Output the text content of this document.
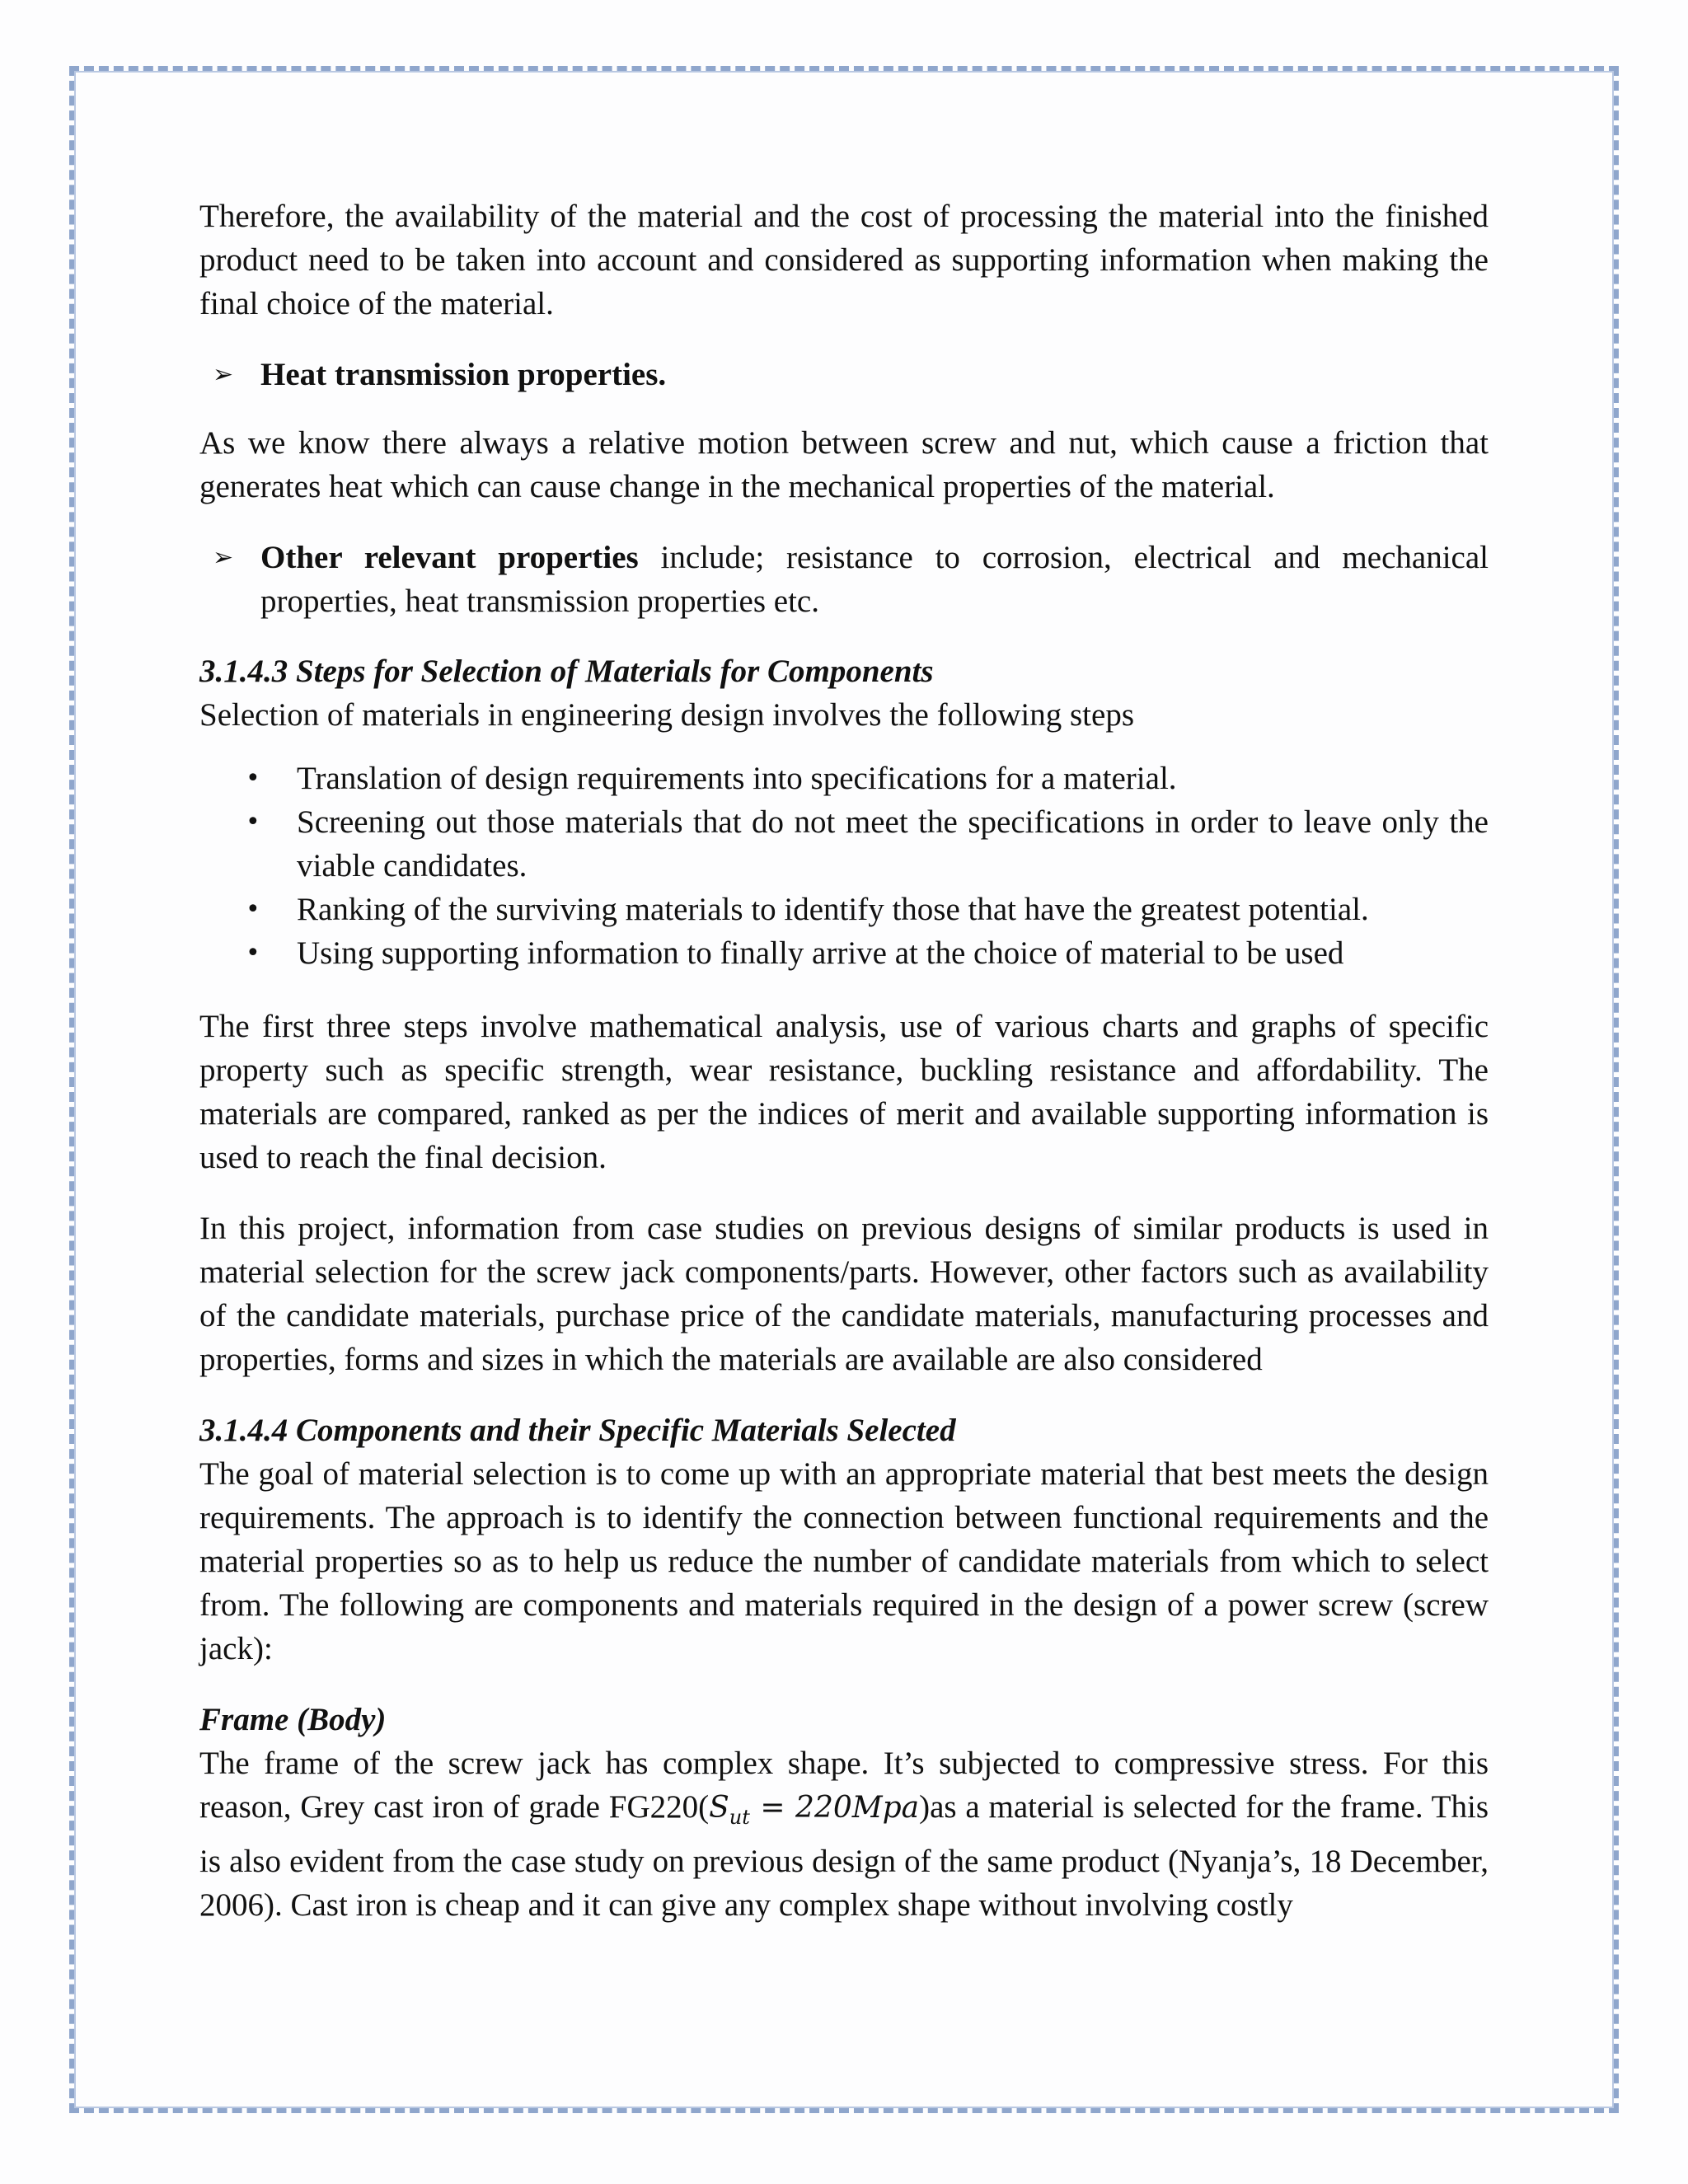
Therefore, the availability of the material and the cost of processing the material into the finished product need to be taken into account and considered as supporting information when making the final choice of the material.

➢ Heat transmission properties.

As we know there always a relative motion between screw and nut, which cause a friction that generates heat which can cause change in the mechanical properties of the material.

➢ Other relevant properties include; resistance to corrosion, electrical and mechanical properties, heat transmission properties etc.

3.1.4.3 Steps for Selection of Materials for Components

Selection of materials in engineering design involves the following steps

•	Translation of design requirements into specifications for a material.
•	Screening out those materials that do not meet the specifications in order to leave only the viable candidates.
•	Ranking of the surviving materials to identify those that have the greatest potential.
•	Using supporting information to finally arrive at the choice of material to be used

The first three steps involve mathematical analysis, use of various charts and graphs of specific property such as specific strength, wear resistance, buckling resistance and affordability. The materials are compared, ranked as per the indices of merit and available supporting information is used to reach the final decision.

In this project, information from case studies on previous designs of similar products is used in material selection for the screw jack components/parts. However, other factors such as availability of the candidate materials, purchase price of the candidate materials, manufacturing processes and properties, forms and sizes in which the materials are available are also considered

3.1.4.4 Components and their Specific Materials Selected

The goal of material selection is to come up with an appropriate material that best meets the design requirements. The approach is to identify the connection between functional requirements and the material properties so as to help us reduce the number of candidate materials from which to select from. The following are components and materials required in the design of a power screw (screw jack):

Frame (Body)

The frame of the screw jack has complex shape. It’s subjected to compressive stress. For this reason, Grey cast iron of grade $FG220(S_{ut} = 220Mpa)as$ a material is selected for the frame. This is also evident from the case study on previous design of the same product (Nyanja’s, 18 December, 2006). Cast iron is cheap and it can give any complex shape without involving costly
